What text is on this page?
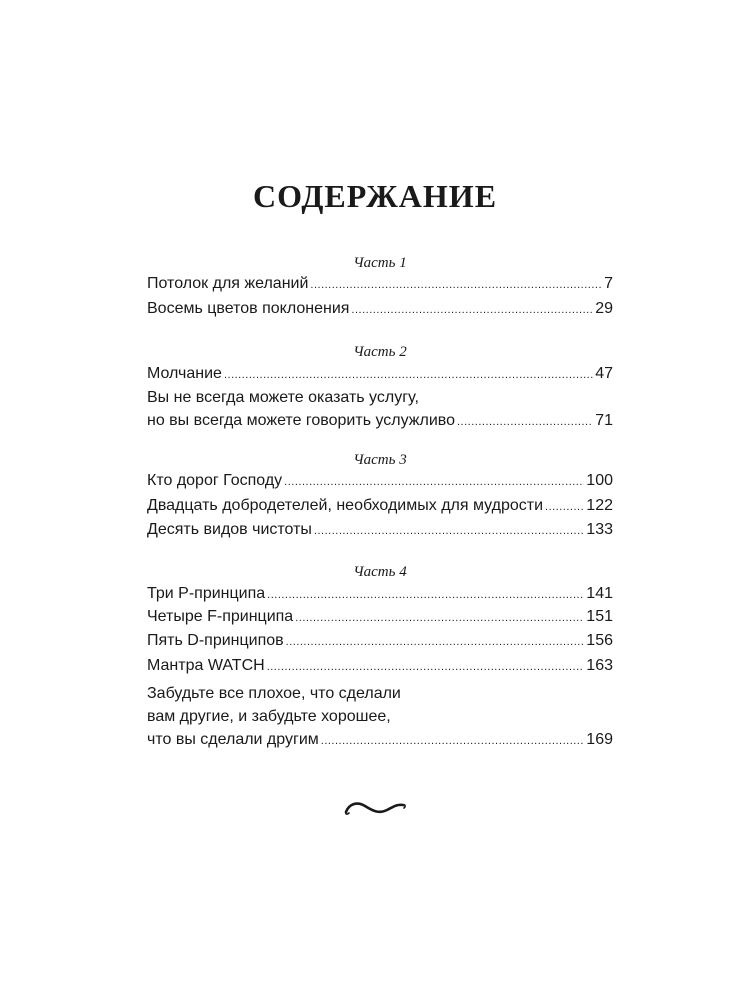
СОДЕРЖАНИЕ
Часть 1
Потолок для желаний .....	7
Восемь цветов поклонения .....	29
Часть 2
Молчание .....	47
Вы не всегда можете оказать услугу,
но вы всегда можете говорить услужливо .....	71
Часть 3
Кто дорог Господу .....	100
Двадцать добродетелей, необходимых для мудрости .....	122
Десять видов чистоты .....	133
Часть 4
Три P-принципа .....	141
Четыре F-принципа .....	151
Пять D-принципов .....	156
Мантра WATCH .....	163
Забудьте все плохое, что сделали
вам другие, и забудьте хорошее,
что вы сделали другим .....	169
